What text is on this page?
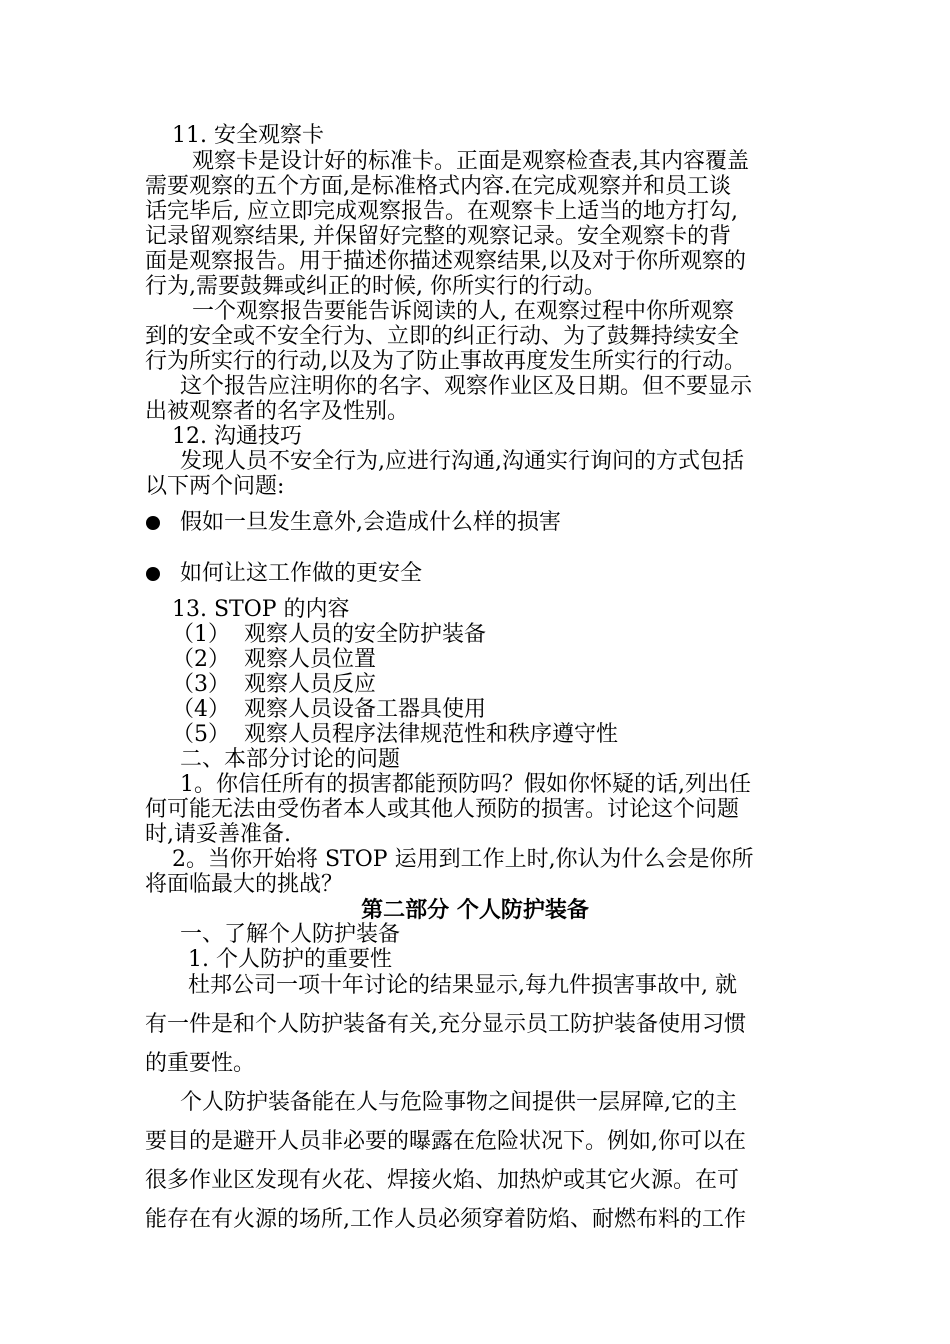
11. 安全观察卡
观察卡是设计好的标准卡。正面是观察检查表,其内容覆盖
需要观察的五个方面,是标准格式内容.在完成观察并和员工谈
话完毕后, 应立即完成观察报告。在观察卡上适当的地方打勾,
记录留观察结果, 并保留好完整的观察记录。安全观察卡的背
面是观察报告。用于描述你描述观察结果,以及对于你所观察的
行为,需要鼓舞或纠正的时候, 你所实行的行动。
一个观察报告要能告诉阅读的人, 在观察过程中你所观察
到的安全或不安全行为、立即的纠正行动、为了鼓舞持续安全
行为所实行的行动,以及为了防止事故再度发生所实行的行动。
这个报告应注明你的名字、观察作业区及日期。但不要显示
出被观察者的名字及性别。
12. 沟通技巧
发现人员不安全行为,应进行沟通,沟通实行询问的方式包括
以下两个问题:
假如一旦发生意外,会造成什么样的损害
如何让这工作做的更安全
13. STOP 的内容
（1）  观察人员的安全防护装备
（2）  观察人员位置
（3）  观察人员反应
（4）  观察人员设备工器具使用
（5）  观察人员程序法律规范性和秩序遵守性
二、本部分讨论的问题
1。你信任所有的损害都能预防吗？假如你怀疑的话,列出任
何可能无法由受伤者本人或其他人预防的损害。讨论这个问题
时,请妥善准备.
2。当你开始将 STOP 运用到工作上时,你认为什么会是你所
将面临最大的挑战？
第二部分 个人防护装备
一、了解个人防护装备
1. 个人防护的重要性
杜邦公司一项十年讨论的结果显示,每九件损害事故中, 就
有一件是和个人防护装备有关,充分显示员工防护装备使用习惯
的重要性。
个人防护装备能在人与危险事物之间提供一层屏障,它的主
要目的是避开人员非必要的曝露在危险状况下。例如,你可以在
很多作业区发现有火花、焊接火焰、加热炉或其它火源。在可
能存在有火源的场所,工作人员必须穿着防焰、耐燃布料的工作
